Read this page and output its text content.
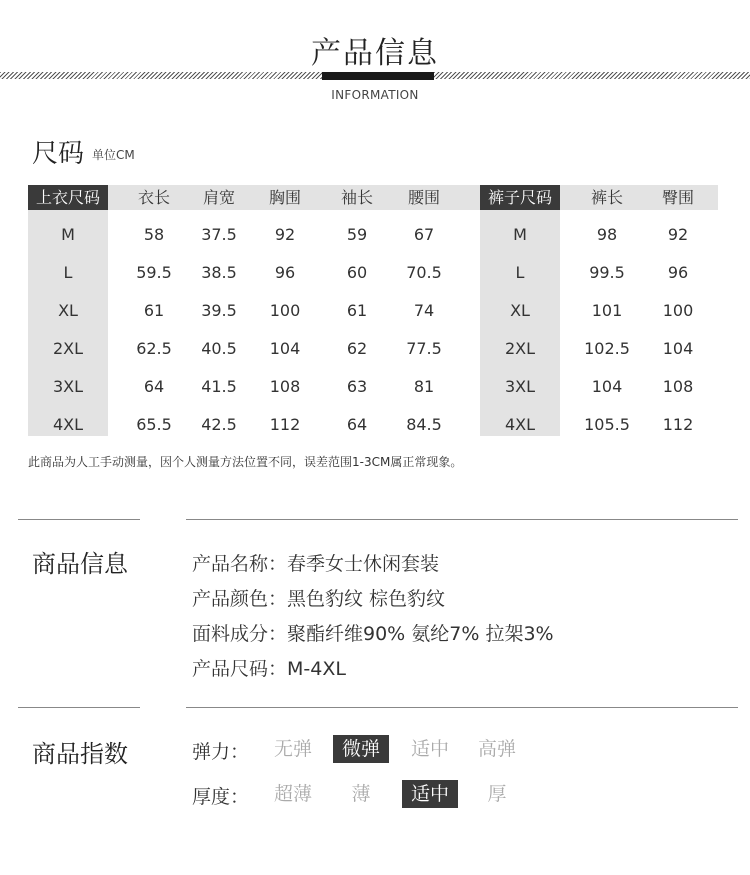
产品信息
INFORMATION
尺码 单位CM
上衣尺码	衣长	肩宽	胸围	袖长	腰围	裤子尺码	裤长	臀围
M	58	37.5	92	59	67	M	98	92
L	59.5	38.5	96	60	70.5	L	99.5	96
XL	61	39.5	100	61	74	XL	101	100
2XL	62.5	40.5	104	62	77.5	2XL	102.5	104
3XL	64	41.5	108	63	81	3XL	104	108
4XL	65.5	42.5	112	64	84.5	4XL	105.5	112
此商品为人工手动测量，因个人测量方法位置不同，误差范围1-3CM属正常现象。
商品信息	产品名称：春季女士休闲套装
产品颜色：黑色豹纹 棕色豹纹
面料成分：聚酯纤维90% 氨纶7% 拉架3%
产品尺码：M-4XL
商品指数	弹力：	无弹	微弹	适中	高弹
厚度：	超薄	薄	适中	厚
